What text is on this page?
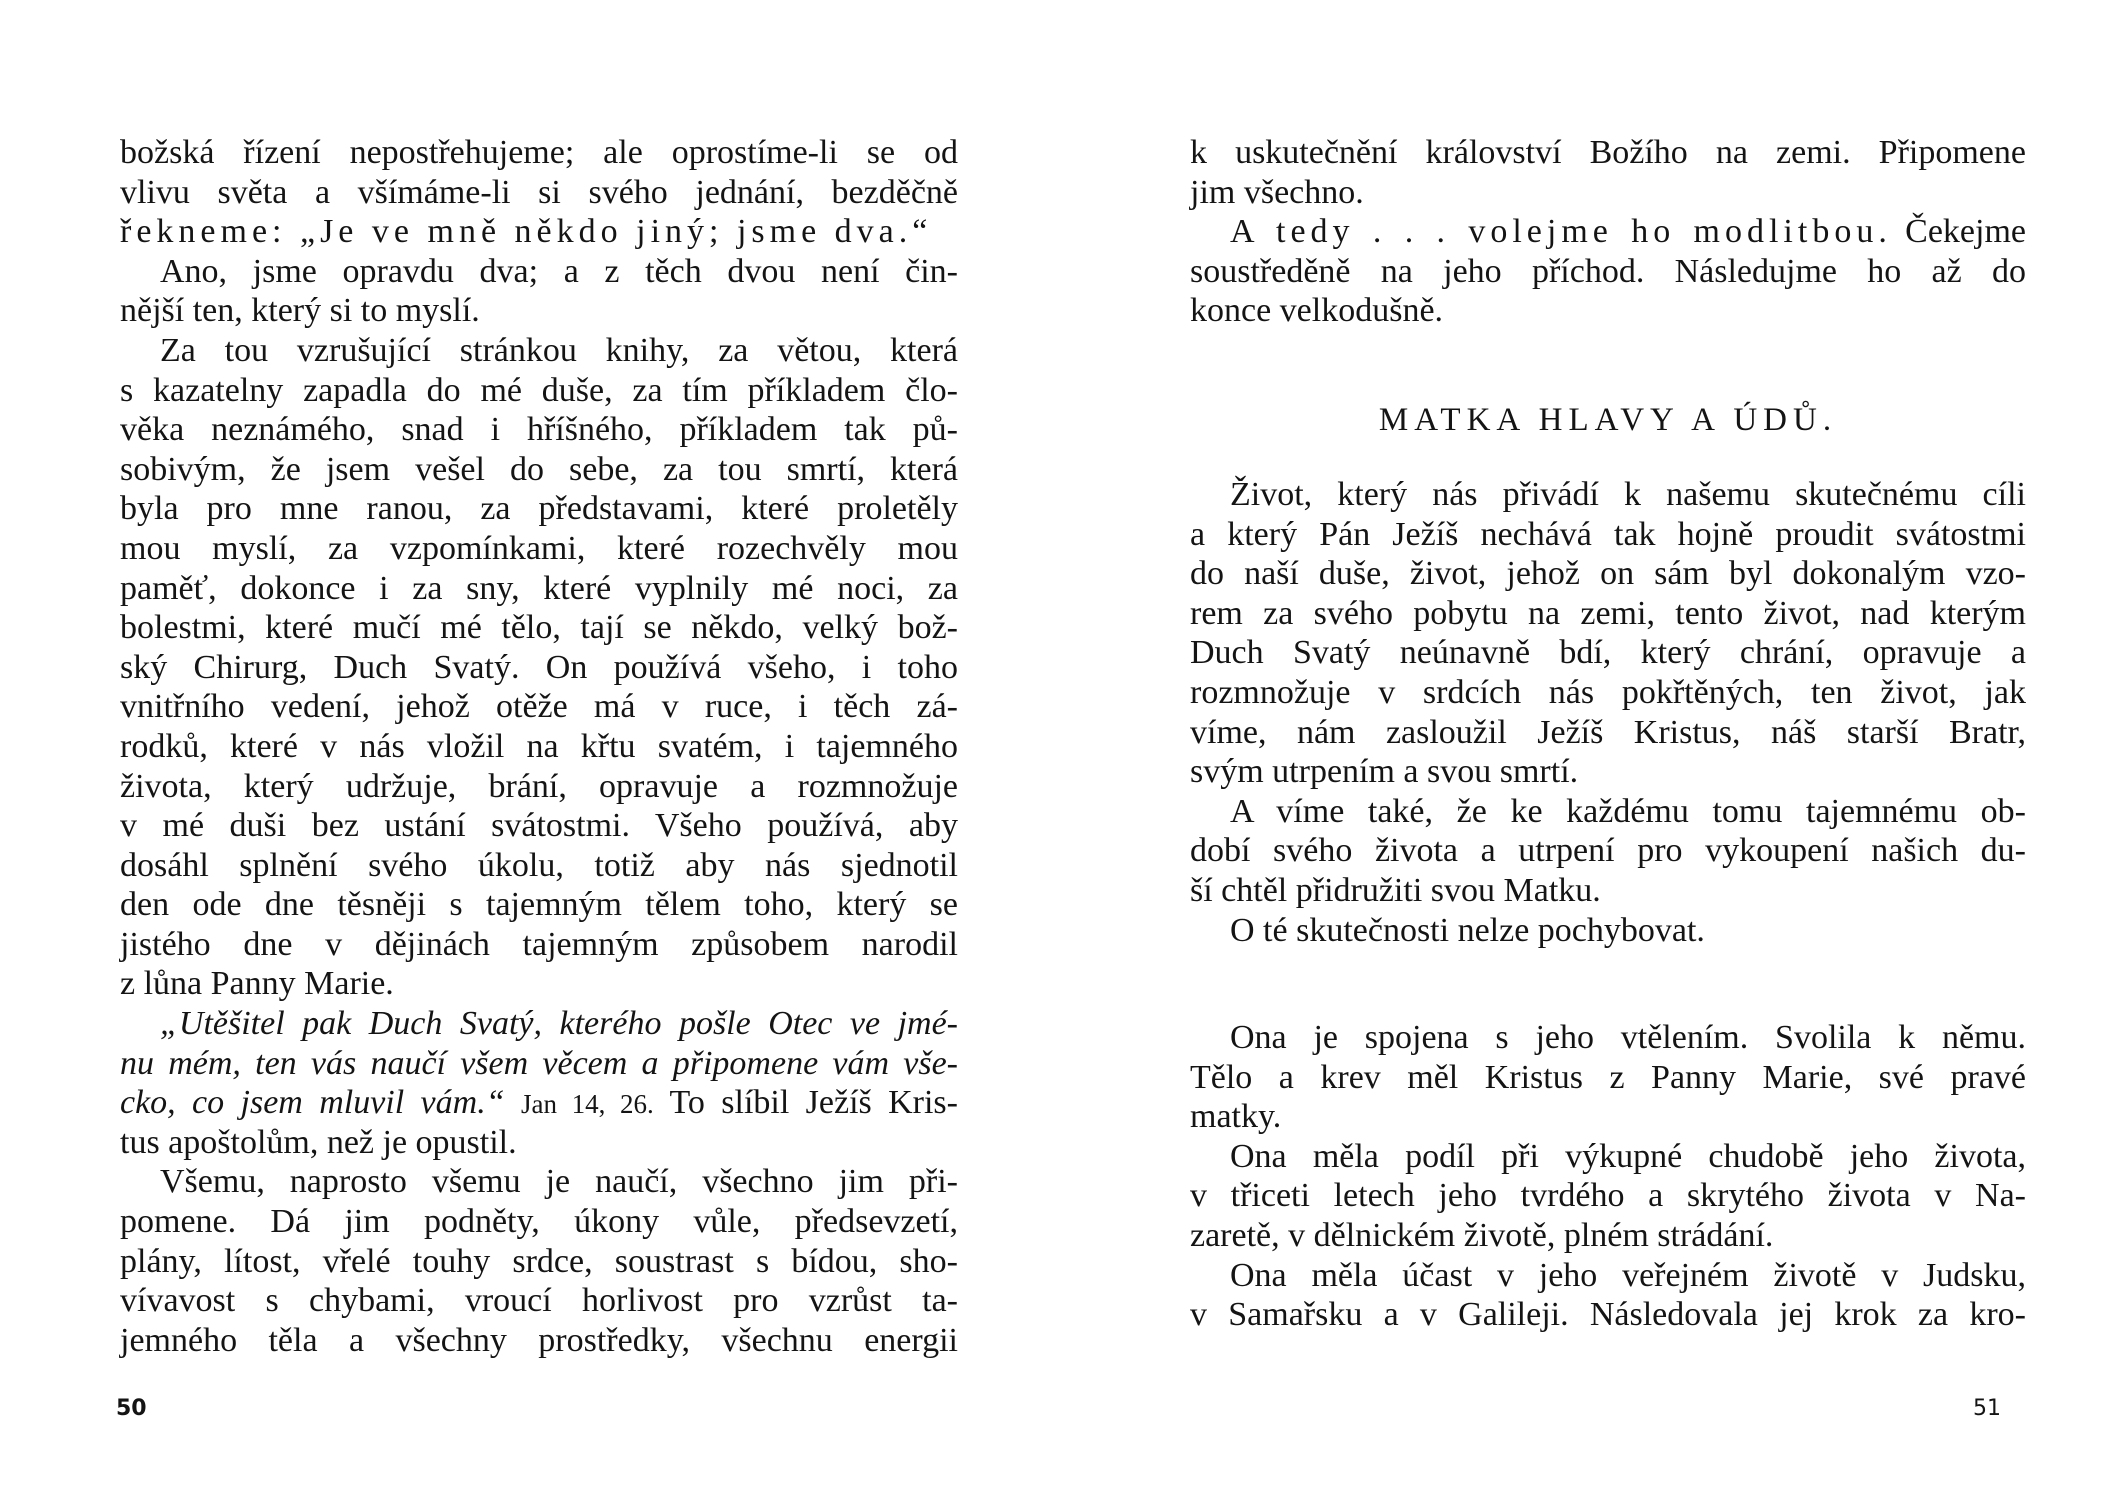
božská řízení nepostřehujeme; ale oprostíme-li se od
vlivu světa a všímáme-li si svého jednání, bezděčně
řekneme: „Je ve mně někdo jiný; jsme dva.“
Ano, jsme opravdu dva; a z těch dvou není čin-
nější ten, který si to myslí.
Za tou vzrušující stránkou knihy, za větou, která
s kazatelny zapadla do mé duše, za tím příkladem člo-
věka neznámého, snad i hříšného, příkladem tak pů-
sobivým, že jsem vešel do sebe, za tou smrtí, která
byla pro mne ranou, za představami, které proletěly
mou myslí, za vzpomínkami, které rozechvěly mou
paměť, dokonce i za sny, které vyplnily mé noci, za
bolestmi, které mučí mé tělo, tají se někdo, velký bož-
ský Chirurg, Duch Svatý. On používá všeho, i toho
vnitřního vedení, jehož otěže má v ruce, i těch zá-
rodků, které v nás vložil na křtu svatém, i tajemného
života, který udržuje, brání, opravuje a rozmnožuje
v mé duši bez ustání svátostmi. Všeho používá, aby
dosáhl splnění svého úkolu, totiž aby nás sjednotil
den ode dne těsněji s tajemným tělem toho, který se
jistého dne v dějinách tajemným způsobem narodil
z lůna Panny Marie.
„Utěšitel pak Duch Svatý, kterého pošle Otec ve jmé-
nu mém, ten vás naučí všem věcem a připomene vám vše-
cko, co jsem mluvil vám.“ Jan 14, 26. To slíbil Ježíš Kris-
tus apoštolům, než je opustil.
Všemu, naprosto všemu je naučí, všechno jim při-
pomene. Dá jim podněty, úkony vůle, předsevzetí,
plány, lítost, vřelé touhy srdce, soustrast s bídou, sho-
vívavost s chybami, vroucí horlivost pro vzrůst ta-
jemného těla a všechny prostředky, všechnu energii
50
k uskutečnění království Božího na zemi. Připomene
jim všechno.
A tedy . . . volejme ho modlitbou. Čekejme
soustředěně na jeho příchod. Následujme ho až do
konce velkodušně.
MATKA HLAVY A ÚDŮ.
Život, který nás přivádí k našemu skutečnému cíli
a který Pán Ježíš nechává tak hojně proudit svátostmi
do naší duše, život, jehož on sám byl dokonalým vzo-
rem za svého pobytu na zemi, tento život, nad kterým
Duch Svatý neúnavně bdí, který chrání, opravuje a
rozmnožuje v srdcích nás pokřtěných, ten život, jak
víme, nám zasloužil Ježíš Kristus, náš starší Bratr,
svým utrpením a svou smrtí.
A víme také, že ke každému tomu tajemnému ob-
dobí svého života a utrpení pro vykoupení našich du-
ší chtěl přidružiti svou Matku.
O té skutečnosti nelze pochybovat.
Ona je spojena s jeho vtělením. Svolila k němu.
Tělo a krev měl Kristus z Panny Marie, své pravé
matky.
Ona měla podíl při výkupné chudobě jeho života,
v třiceti letech jeho tvrdého a skrytého života v Na-
zaretě, v dělnickém životě, plném strádání.
Ona měla účast v jeho veřejném životě v Judsku,
v Samařsku a v Galileji. Následovala jej krok za kro-
51
